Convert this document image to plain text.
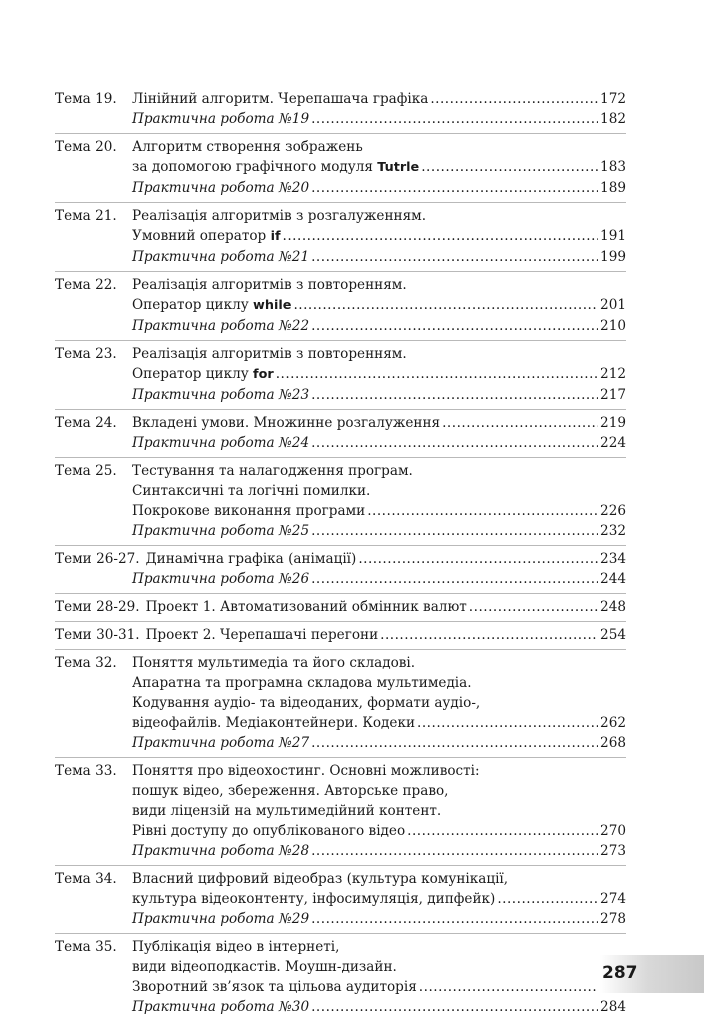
Тема 19.	Лінійний алгоритм. Черепашача графіка .....	172
Практична робота №19 .....	182
Тема 20.	Алгоритм створення зображень
за допомогою графічного модуля Tutrle .....	183
Практична робота №20 .....	189
Тема 21.	Реалізація алгоритмів з розгалуженням.
Умовний оператор if .....	191
Практична робота №21 .....	199
Тема 22.	Реалізація алгоритмів з повторенням.
Оператор циклу while .....	201
Практична робота №22 .....	210
Тема 23.	Реалізація алгоритмів з повторенням.
Оператор циклу for .....	212
Практична робота №23 .....	217
Тема 24.	Вкладені умови. Множинне розгалуження .....	219
Практична робота №24 .....	224
Тема 25.	Тестування та налагодження програм.
Синтаксичні та логічні помилки.
Покрокове виконання програми .....	226
Практична робота №25 .....	232
Теми 26-27. Динамічна графіка (анімації) .....	234
Практична робота №26 .....	244
Теми 28-29. Проект 1. Автоматизований обмінник валют .....	248
Теми 30-31. Проект 2. Черепашачі перегони .....	254
Тема 32.	Поняття мультимедіа та його складові.
Апаратна та програмна складова мультимедіа.
Кодування аудіо- та відеоданих, формати аудіо-,
відеофайлів. Медіаконтейнери. Кодеки .....	262
Практична робота №27 .....	268
Тема 33.	Поняття про відеохостинг. Основні можливості:
пошук відео, збереження. Авторське право,
види ліцензій на мультимедійний контент.
Рівні доступу до опублікованого відео .....	270
Практична робота №28 .....	273
Тема 34.	Власний цифровий відеобраз (культура комунікації,
культура відеоконтенту, інфосимуляція, дипфейк) .....	274
Практична робота №29 .....	278
Тема 35.	Публікація відео в інтернеті,
види відеоподкастів. Моушн-дизайн.
Зворотний зв’язок та цільова аудиторія
.....
Практична робота №30 .....	284
287
